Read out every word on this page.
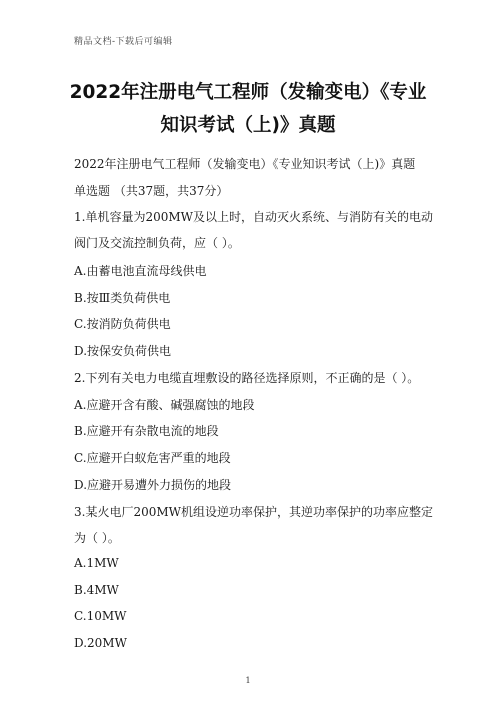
精品文档-下载后可编辑
2022年注册电气工程师（发输变电）《专业
知识考试（上)》真题
2022年注册电气工程师（发输变电）《专业知识考试（上)》真题
单选题 （共37题，共37分）
1.单机容量为200MW及以上时，自动灭火系统、与消防有关的电动
阀门及交流控制负荷，应（ ）。
A.由蓄电池直流母线供电
B.按Ⅲ类负荷供电
C.按消防负荷供电
D.按保安负荷供电
2.下列有关电力电缆直埋敷设的路径选择原则，不正确的是（ ）。
A.应避开含有酸、碱强腐蚀的地段
B.应避开有杂散电流的地段
C.应避开白蚁危害严重的地段
D.应避开易遭外力损伤的地段
3.某火电厂200MW机组设逆功率保护，其逆功率保护的功率应整定
为（ ）。
A.1MW
B.4MW
C.10MW
D.20MW
1
